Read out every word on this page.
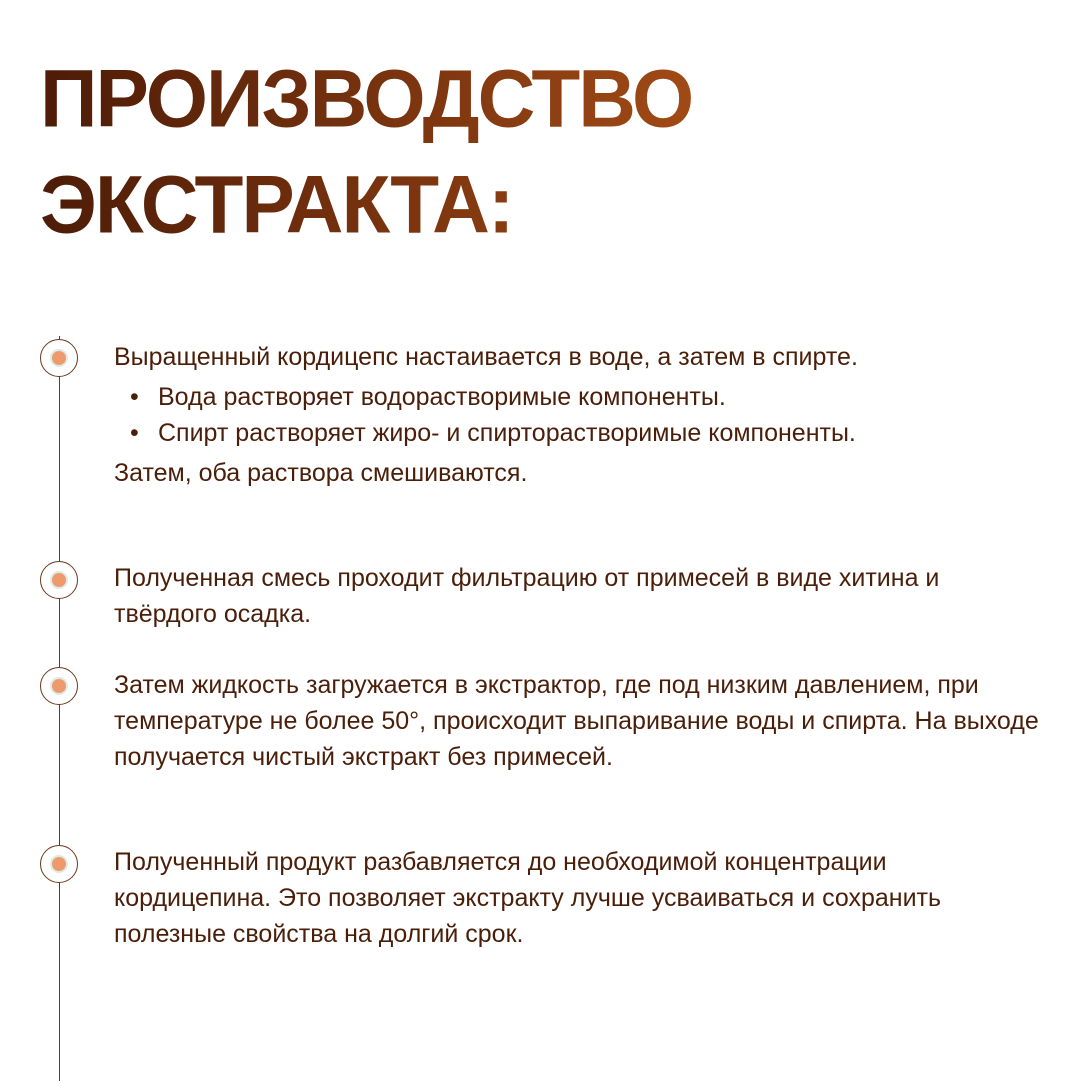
ПРОИЗВОДСТВО
ЭКСТРАКТА:

Выращенный кордицепс настаивается в воде, а затем в спирте.

• Вода растворяет водорастворимые компоненты.
• Спирт растворяет жиро- и спирторастворимые компоненты.

Затем, оба раствора смешиваются.

Полученная смесь проходит фильтрацию от примесей в виде хитина и твёрдого осадка.

Затем жидкость загружается в экстрактор, где под низким давлением, при температуре не более 50°, происходит выпаривание воды и спирта. На выходе получается чистый экстракт без примесей.

Полученный продукт разбавляется до необходимой концентрации кордицепина. Это позволяет экстракту лучше усваиваться и сохранить полезные свойства на долгий срок.
